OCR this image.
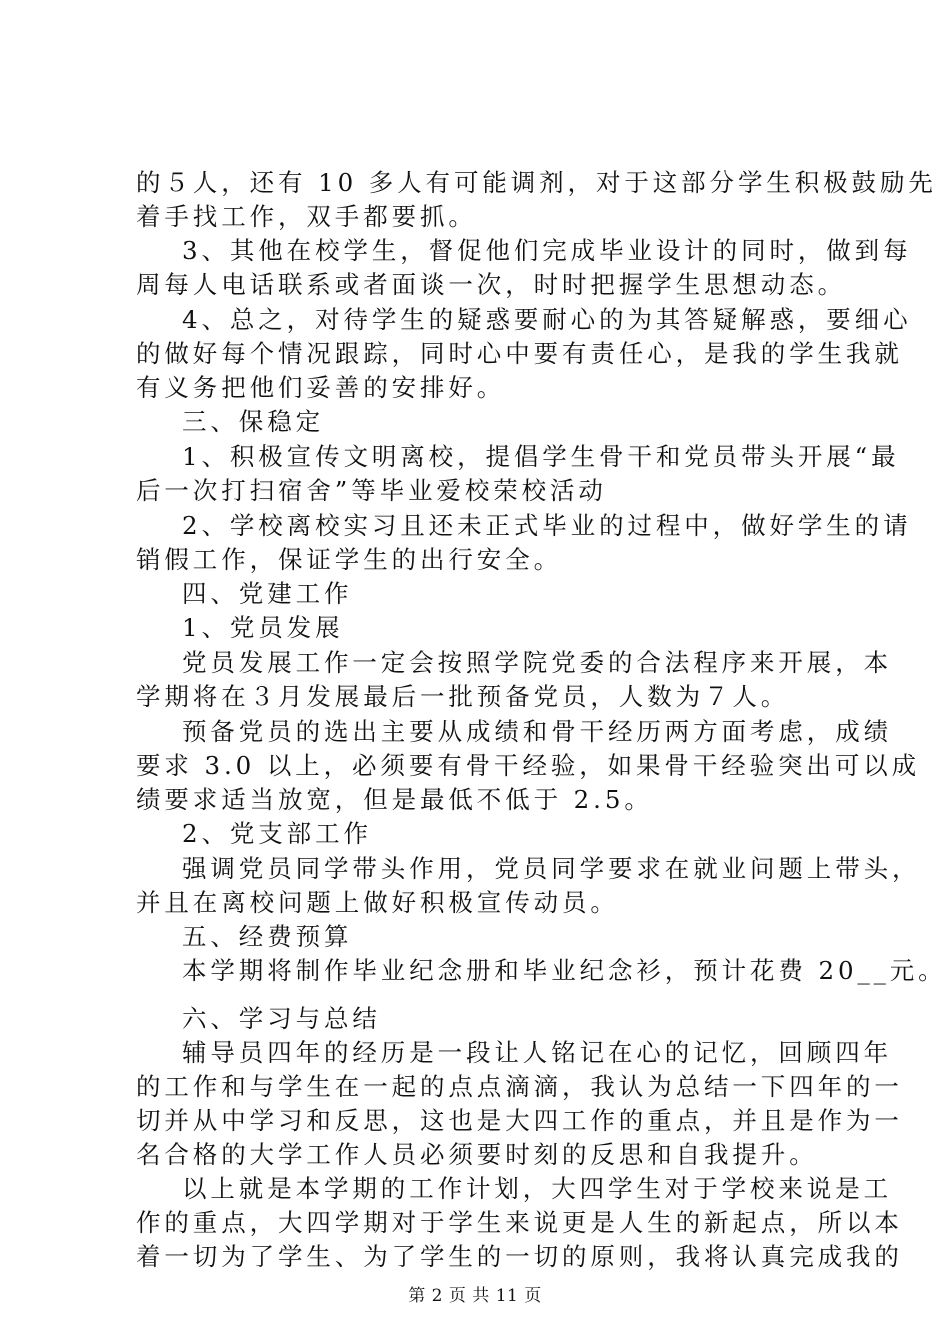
的５人，还有 10 多人有可能调剂，对于这部分学生积极鼓励先
着手找工作，双手都要抓。
3、其他在校学生，督促他们完成毕业设计的同时，做到每
周每人电话联系或者面谈一次，时时把握学生思想动态。
4、总之，对待学生的疑惑要耐心的为其答疑解惑，要细心
的做好每个情况跟踪，同时心中要有责任心，是我的学生我就
有义务把他们妥善的安排好。
三、保稳定
1、积极宣传文明离校，提倡学生骨干和党员带头开展“最
后一次打扫宿舍”等毕业爱校荣校活动
2、学校离校实习且还未正式毕业的过程中，做好学生的请
销假工作，保证学生的出行安全。
四、党建工作
1、党员发展
党员发展工作一定会按照学院党委的合法程序来开展，本
学期将在３月发展最后一批预备党员，人数为７人。
预备党员的选出主要从成绩和骨干经历两方面考虑，成绩
要求 3.0 以上，必须要有骨干经验，如果骨干经验突出可以成
绩要求适当放宽，但是最低不低于 2.5。
2、党支部工作
强调党员同学带头作用，党员同学要求在就业问题上带头，
并且在离校问题上做好积极宣传动员。
五、经费预算
本学期将制作毕业纪念册和毕业纪念衫，预计花费 20__元。
六、学习与总结
辅导员四年的经历是一段让人铭记在心的记忆，回顾四年
的工作和与学生在一起的点点滴滴，我认为总结一下四年的一
切并从中学习和反思，这也是大四工作的重点，并且是作为一
名合格的大学工作人员必须要时刻的反思和自我提升。
以上就是本学期的工作计划，大四学生对于学校来说是工
作的重点，大四学期对于学生来说更是人生的新起点，所以本
着一切为了学生、为了学生的一切的原则，我将认真完成我的
第 2 页 共 11 页
